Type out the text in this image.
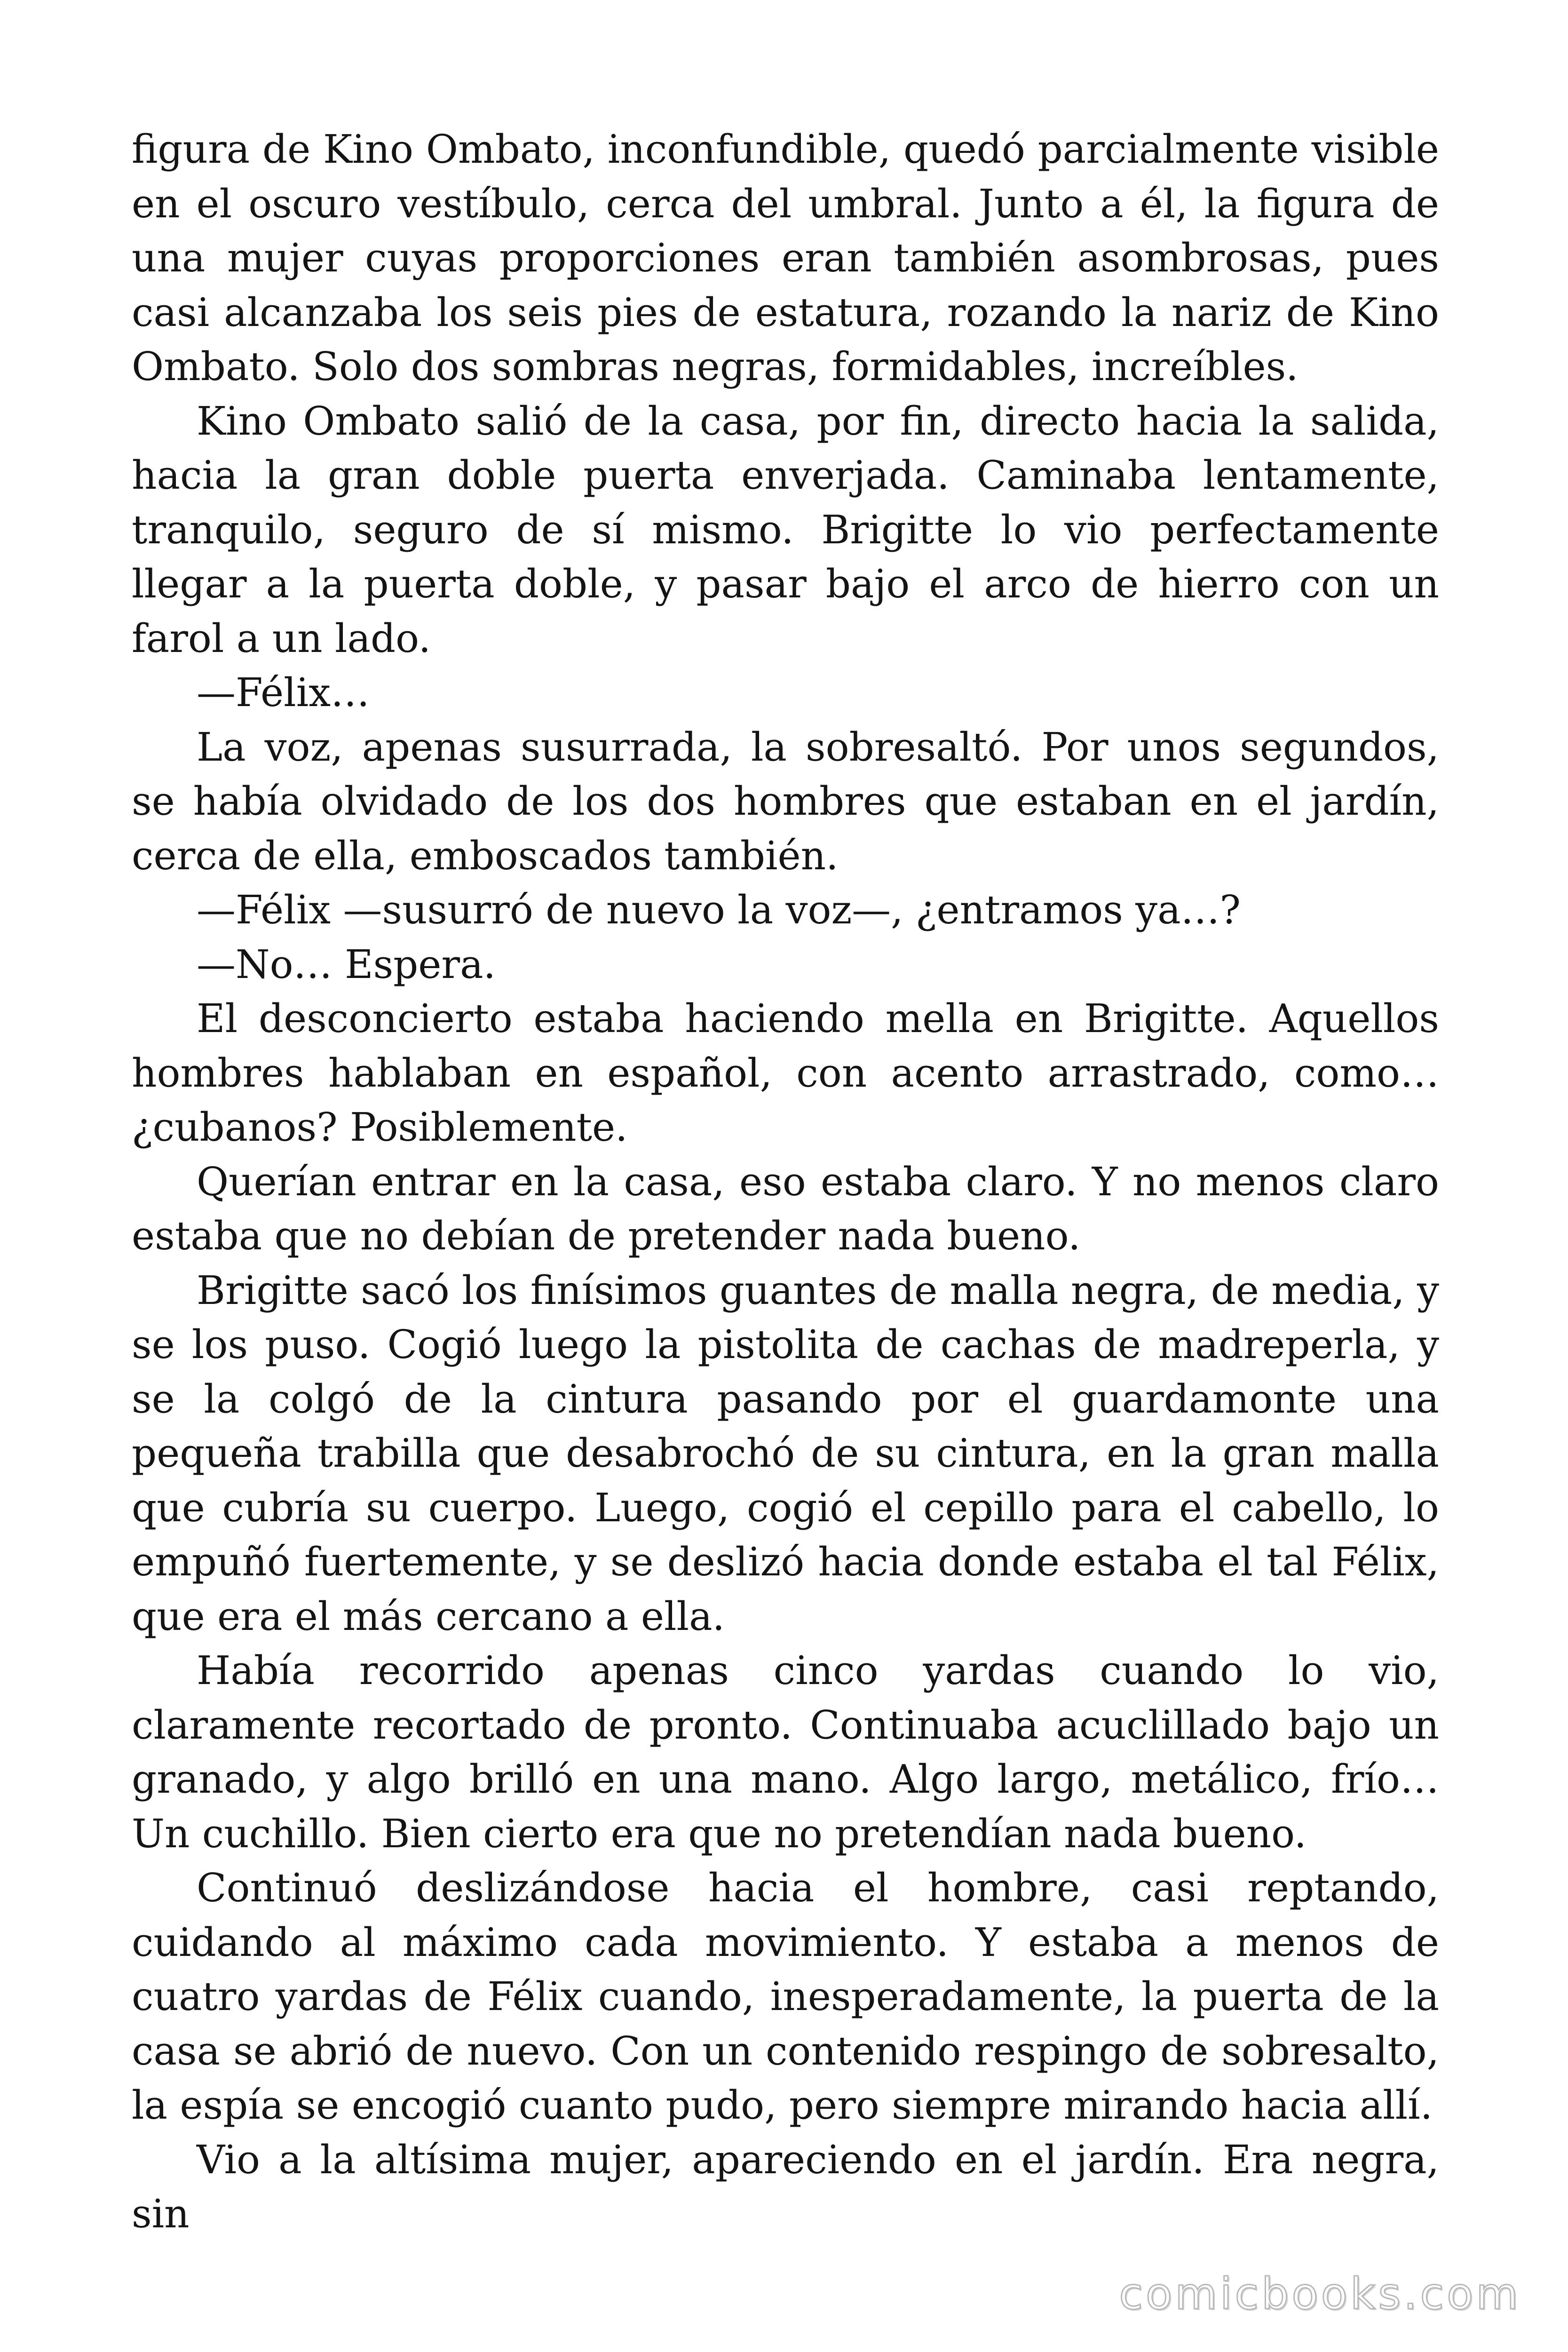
figura de Kino Ombato, inconfundible, quedó parcialmente visible en el oscuro vestíbulo, cerca del umbral. Junto a él, la figura de una mujer cuyas proporciones eran también asombrosas, pues casi alcanzaba los seis pies de estatura, rozando la nariz de Kino Ombato. Solo dos sombras negras, formidables, increíbles.

Kino Ombato salió de la casa, por fin, directo hacia la salida, hacia la gran doble puerta enverjada. Caminaba lentamente, tranquilo, seguro de sí mismo. Brigitte lo vio perfectamente llegar a la puerta doble, y pasar bajo el arco de hierro con un farol a un lado.

—Félix…

La voz, apenas susurrada, la sobresaltó. Por unos segundos, se había olvidado de los dos hombres que estaban en el jardín, cerca de ella, emboscados también.

—Félix —susurró de nuevo la voz—, ¿entramos ya…?

—No… Espera.

El desconcierto estaba haciendo mella en Brigitte. Aquellos hombres hablaban en español, con acento arrastrado, como… ¿cubanos? Posiblemente.

Querían entrar en la casa, eso estaba claro. Y no menos claro estaba que no debían de pretender nada bueno.

Brigitte sacó los finísimos guantes de malla negra, de media, y se los puso. Cogió luego la pistolita de cachas de madreperla, y se la colgó de la cintura pasando por el guardamonte una pequeña trabilla que desabrochó de su cintura, en la gran malla que cubría su cuerpo. Luego, cogió el cepillo para el cabello, lo empuñó fuertemente, y se deslizó hacia donde estaba el tal Félix, que era el más cercano a ella.

Había recorrido apenas cinco yardas cuando lo vio, claramente recortado de pronto. Continuaba acuclillado bajo un granado, y algo brilló en una mano. Algo largo, metálico, frío… Un cuchillo. Bien cierto era que no pretendían nada bueno.

Continuó deslizándose hacia el hombre, casi reptando, cuidando al máximo cada movimiento. Y estaba a menos de cuatro yardas de Félix cuando, inesperadamente, la puerta de la casa se abrió de nuevo. Con un contenido respingo de sobresalto, la espía se encogió cuanto pudo, pero siempre mirando hacia allí.

Vio a la altísima mujer, apareciendo en el jardín. Era negra, sin

comicbooks.com
